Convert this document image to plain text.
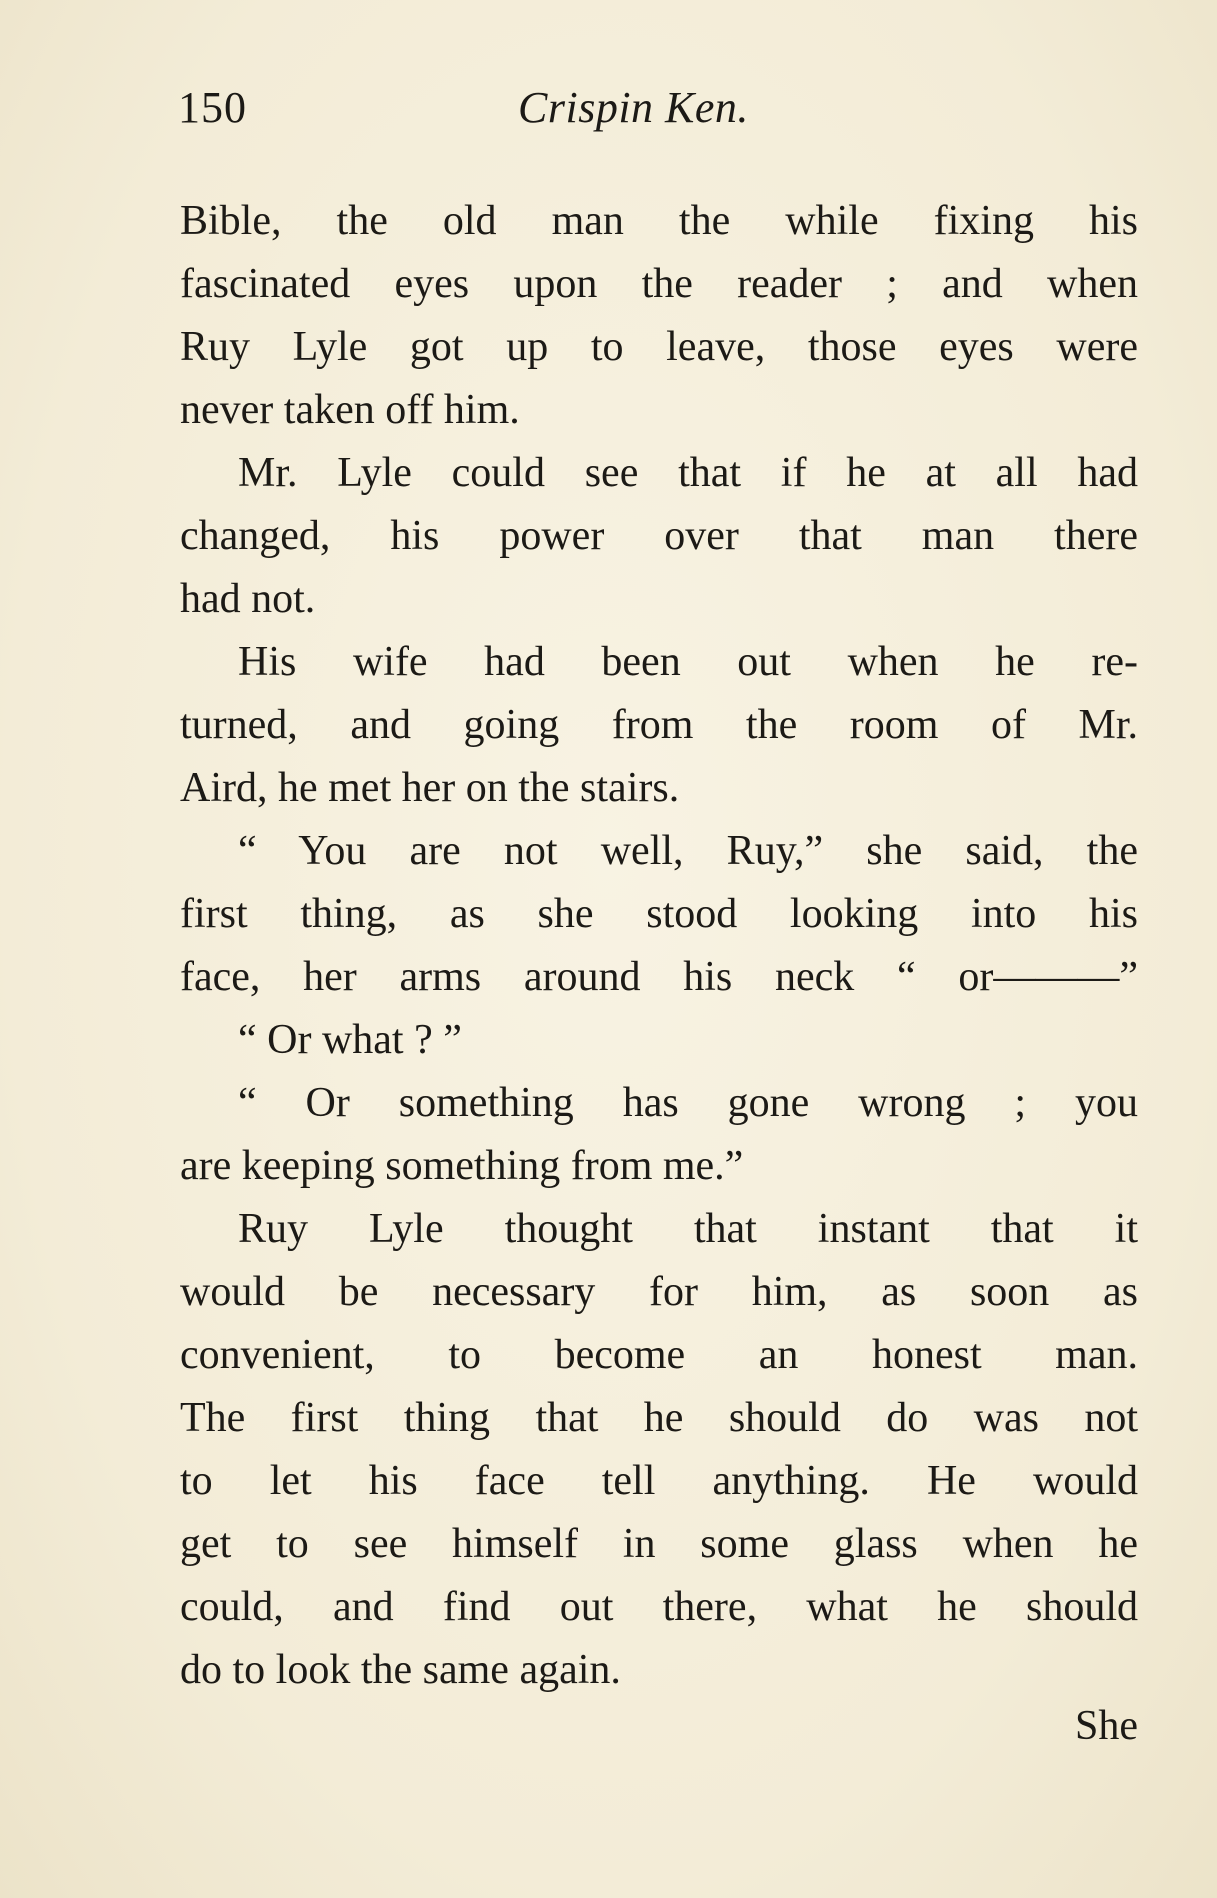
150	Crispin Ken.
Bible, the old man the while fixing his
fascinated eyes upon the reader ; and when
Ruy Lyle got up to leave, those eyes were
never taken off him.
Mr. Lyle could see that if he at all had
changed, his power over that man there
had not.
His wife had been out when he re-
turned, and going from the room of Mr.
Aird, he met her on the stairs.
“ You are not well, Ruy,” she said, the
first thing, as she stood looking into his
face, her arms around his neck “ or———”
“ Or what ? ”
“ Or something has gone wrong ; you
are keeping something from me.”
Ruy Lyle thought that instant that it
would be necessary for him, as soon as
convenient, to become an honest man.
The first thing that he should do was not
to let his face tell anything. He would
get to see himself in some glass when he
could, and find out there, what he should
do to look the same again.
She
